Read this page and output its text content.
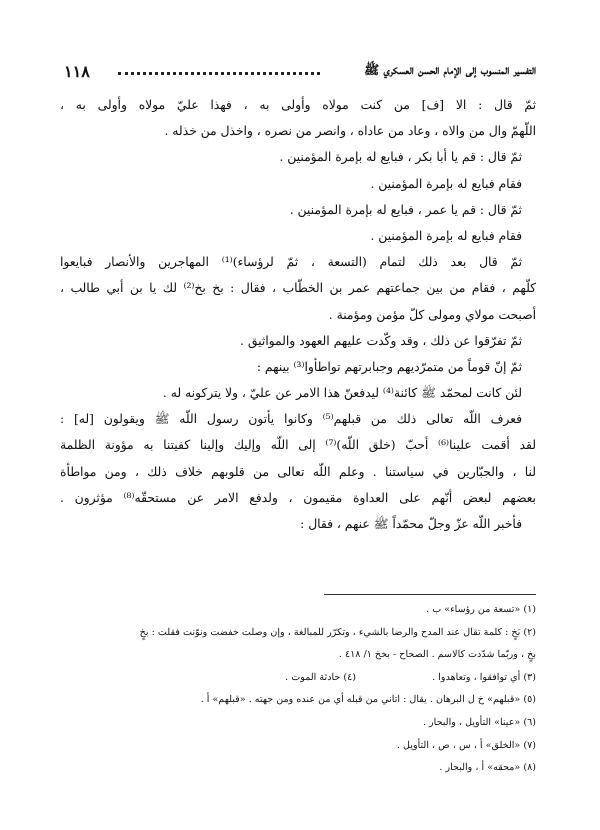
١١٨	التفسير المنسوب إلى الإمام الحسن العسكري ﷺ
ثمّ قال : الا [ف] من كنت مولاه وأولى به ، فهذا عليّ مولاه وأولى به ،
اللّهمّ وال من والاه ، وعاد من عاداه ، وانصر من نصره ، واخذل من خذله .
ثمّ قال : قم يا أبا بكر ، فبايع له بإمرة المؤمنين .
فقام فبايع له بإمرة المؤمنين .
ثمّ قال : قم يا عمر ، فبايع له بإمرة المؤمنين .
فقام فبايع له بإمرة المؤمنين .
ثمّ قال بعد ذلك لتمام (التسعة ، ثمّ لرؤساء)⁽¹⁾ المهاجرين والأنصار فبايعوا
كلّهم ، فقام من بين جماعتهم عمر بن الخطّاب ، فقال : بخ بخ⁽²⁾ لك يا بن أبي طالب ،
أصبحت مولاي ومولى كلّ مؤمن ومؤمنة .
ثمّ تفرّقوا عن ذلك ، وقد وكّدت عليهم العهود والمواثيق .
ثمّ إنّ قوماً من متمرّديهم وجبابرتهم تواطأوا⁽³⁾ بينهم :
لئن كانت لمحمّد ﷺ كائنة⁽⁴⁾ ليدفعنّ هذا الامر عن عليّ ، ولا يتركونه له .
فعرف اللّه تعالى ذلك من قبلهم⁽⁵⁾ وكانوا يأتون رسول اللّه ﷺ ويقولون [له] :
لقد أقمت علينا⁽⁶⁾ أحبّ (خلق اللّه)⁽⁷⁾ إلى اللّه وإليك وإلينا كفيتنا به مؤونة الظلمة
لنا ، والجبّارين في سياستنا . وعلم اللّه تعالى من قلوبهم خلاف ذلك ، ومن مواطأة
بعضهم لبعض أنّهم على العداوة مقيمون ، ولدفع الامر عن مستحقّه⁽⁸⁾ مؤثرون .
فأخبر اللّه عزّ وجلّ محمّداً ﷺ عنهم ، فقال :
(١) «تسعة من رؤساء» ب .
(٢) بَخٍ : كلمة تقال عند المدح والرضا بالشيء ، وتكرّر للمبالغة ، وإن وصلت خفضت ونوّنت فقلت : بخٍ
بخٍ ، وربّما شدّدت كالاسم . الصحاح - بخخ ١/ ٤١٨ .
(٣) أي توافقوا ، وتعاهدوا .  (٤) حادثة الموت .
(٥) «قبلهم» خ ل البرهان . يقال : اتاني من قبله أي من عنده ومن جهته . «قبلهم» أ .
(٦) «عينا» التأويل ، والبحار .
(٧) «الخلق» أ ، س ، ص ، التأويل .
(٨) «محقه» أ ، والبحار .
